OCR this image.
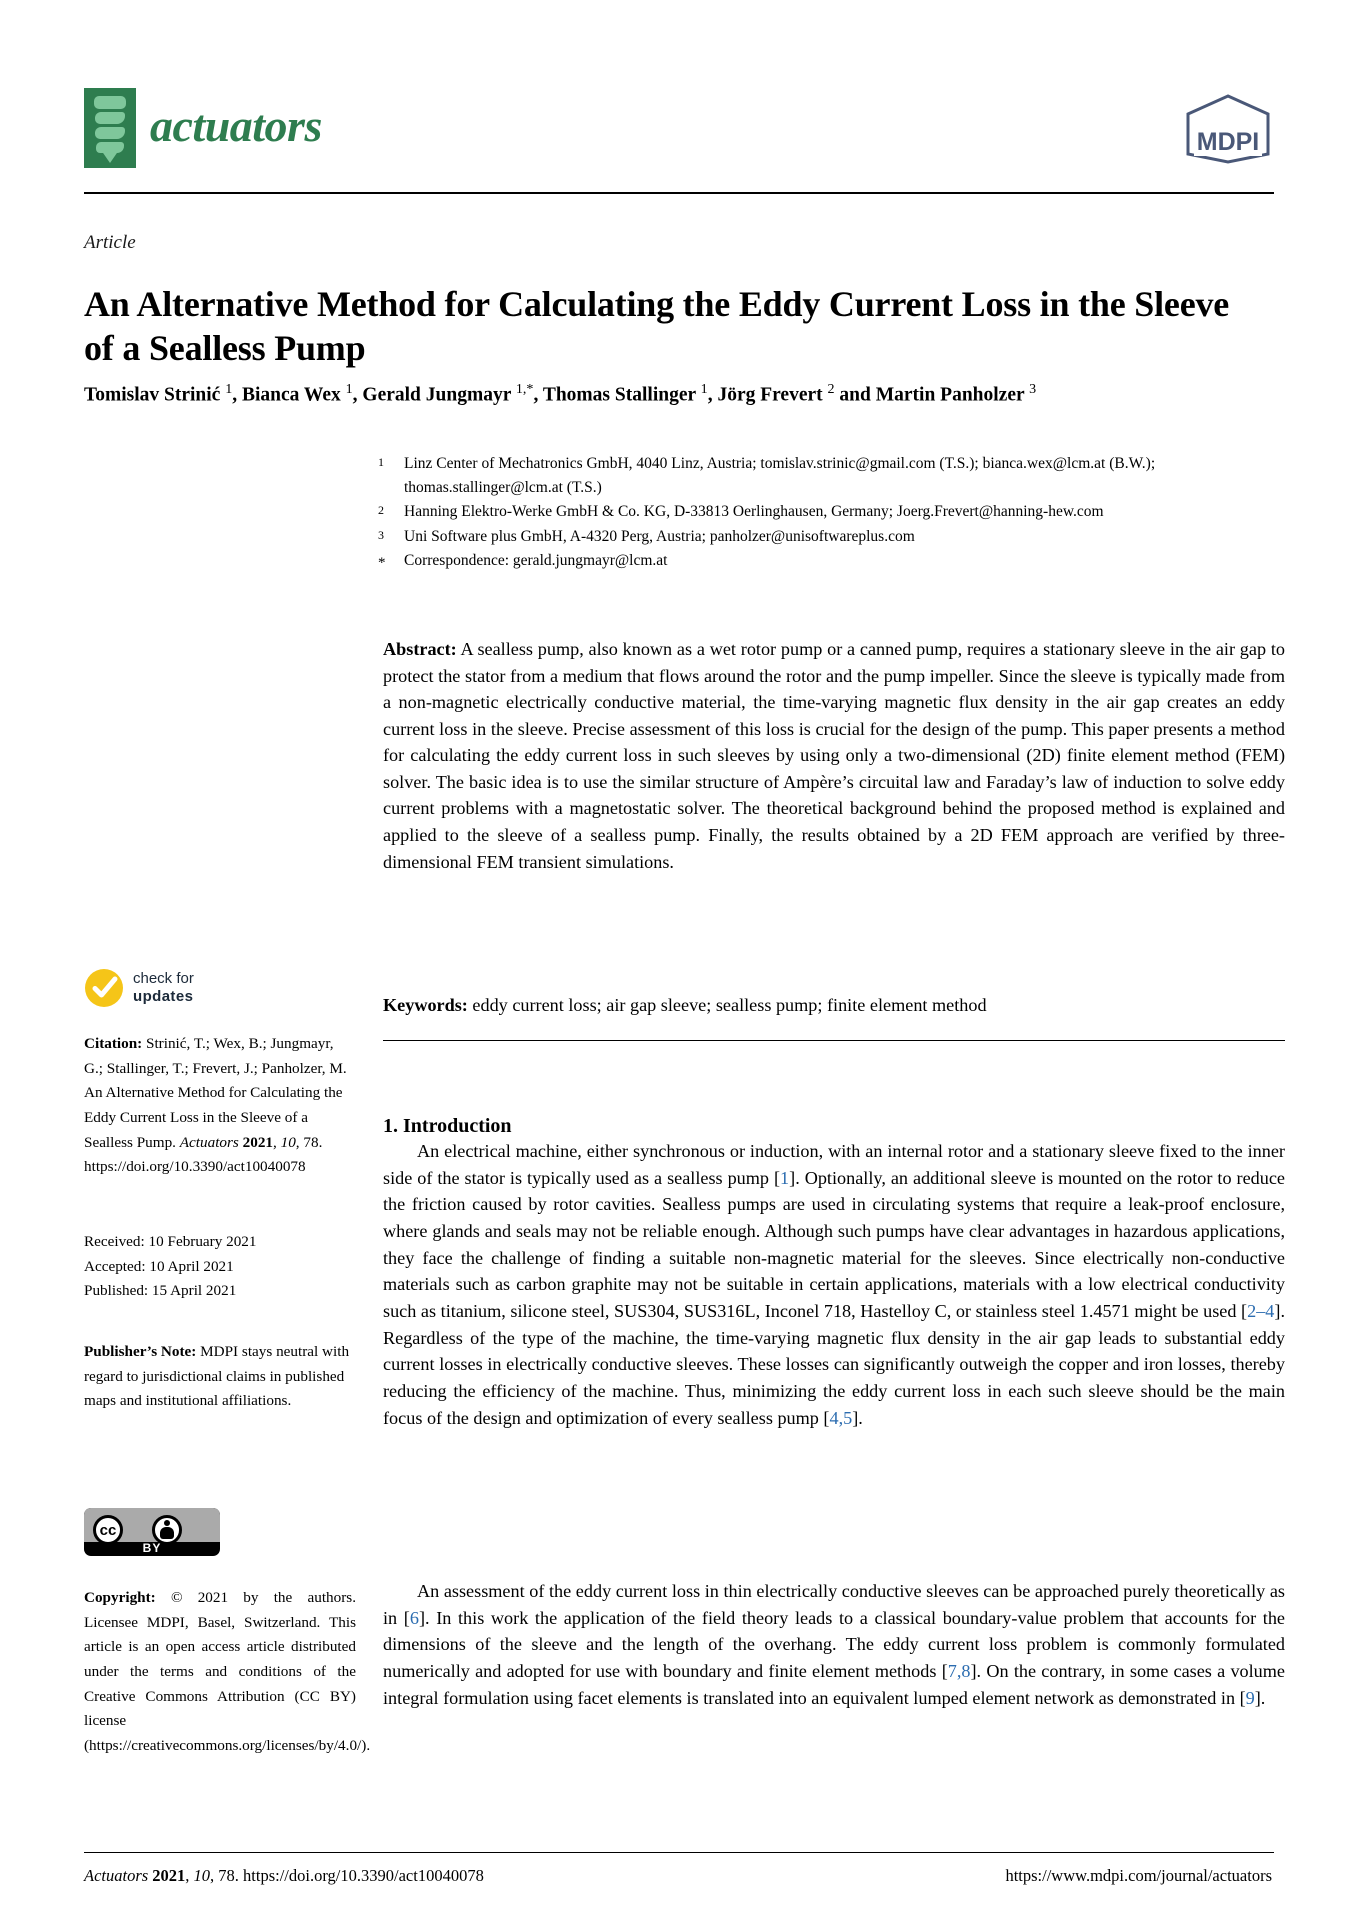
actuators	MDPI
Article
An Alternative Method for Calculating the Eddy Current Loss in the Sleeve of a Sealless Pump
Tomislav Strinić $^1$, Bianca Wex $^1$, Gerald Jungmayr $^{1,*}$, Thomas Stallinger $^1$, Jörg Frevert $^2$ and Martin Panholzer $^3$
1	Linz Center of Mechatronics GmbH, 4040 Linz, Austria; tomislav.strinic@gmail.com (T.S.); bianca.wex@lcm.at (B.W.); thomas.stallinger@lcm.at (T.S.)
2	Hanning Elektro-Werke GmbH & Co. KG, D-33813 Oerlinghausen, Germany; Joerg.Frevert@hanning-hew.com
3	Uni Software plus GmbH, A-4320 Perg, Austria; panholzer@unisoftwareplus.com
*	Correspondence: gerald.jungmayr@lcm.at
Abstract: A sealless pump, also known as a wet rotor pump or a canned pump, requires a stationary sleeve in the air gap to protect the stator from a medium that flows around the rotor and the pump impeller. Since the sleeve is typically made from a non-magnetic electrically conductive material, the time-varying magnetic flux density in the air gap creates an eddy current loss in the sleeve. Precise assessment of this loss is crucial for the design of the pump. This paper presents a method for calculating the eddy current loss in such sleeves by using only a two-dimensional (2D) finite element method (FEM) solver. The basic idea is to use the similar structure of Ampère’s circuital law and Faraday’s law of induction to solve eddy current problems with a magnetostatic solver. The theoretical background behind the proposed method is explained and applied to the sleeve of a sealless pump. Finally, the results obtained by a 2D FEM approach are verified by three-dimensional FEM transient simulations.
Keywords: eddy current loss; air gap sleeve; sealless pump; finite element method
1. Introduction

An electrical machine, either synchronous or induction, with an internal rotor and a stationary sleeve fixed to the inner side of the stator is typically used as a sealless pump [1]. Optionally, an additional sleeve is mounted on the rotor to reduce the friction caused by rotor cavities. Sealless pumps are used in circulating systems that require a leak-proof enclosure, where glands and seals may not be reliable enough. Although such pumps have clear advantages in hazardous applications, they face the challenge of finding a suitable non-magnetic material for the sleeves. Since electrically non-conductive materials such as carbon graphite may not be suitable in certain applications, materials with a low electrical conductivity such as titanium, silicone steel, SUS304, SUS316L, Inconel 718, Hastelloy C, or stainless steel 1.4571 might be used [2–4]. Regardless of the type of the machine, the time-varying magnetic flux density in the air gap leads to substantial eddy current losses in electrically conductive sleeves. These losses can significantly outweigh the copper and iron losses, thereby reducing the efficiency of the machine. Thus, minimizing the eddy current loss in each such sleeve should be the main focus of the design and optimization of every sealless pump [4,5].

An assessment of the eddy current loss in thin electrically conductive sleeves can be approached purely theoretically as in [6]. In this work the application of the field theory leads to a classical boundary-value problem that accounts for the dimensions of the sleeve and the length of the overhang. The eddy current loss problem is commonly formulated numerically and adopted for use with boundary and finite element methods [7,8]. On the contrary, in some cases a volume integral formulation using facet elements is translated into an equivalent lumped element network as demonstrated in [9].

check for
updates

Citation: Strinić, T.; Wex, B.; Jungmayr, G.; Stallinger, T.; Frevert, J.; Panholzer, M. An Alternative Method for Calculating the Eddy Current Loss in the Sleeve of a Sealless Pump. Actuators 2021, 10, 78. https://doi.org/10.3390/act10040078

Received: 10 February 2021

Accepted: 10 April 2021

Published: 15 April 2021

Publisher’s Note: MDPI stays neutral with regard to jurisdictional claims in published maps and institutional affiliations.

cc
BY

Copyright: © 2021 by the authors. Licensee MDPI, Basel, Switzerland. This article is an open access article distributed under the terms and conditions of the Creative Commons Attribution (CC BY) license (https://creativecommons.org/licenses/by/4.0/).

Actuators 2021, 10, 78. https://doi.org/10.3390/act10040078	https://www.mdpi.com/journal/actuators
